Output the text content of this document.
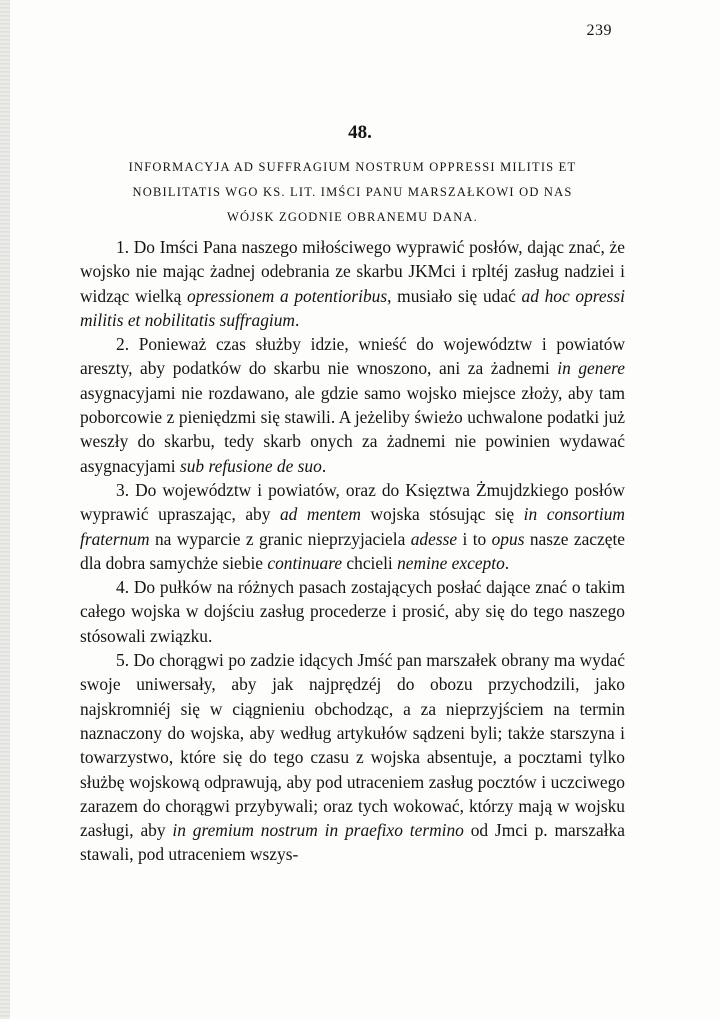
239
48.
INFORMACYJA AD SUFFRAGIUM NOSTRUM OPPRESSI MILITIS ET
NOBILITATIS WGO KS. LIT. IMŚCI PANU MARSZAŁKOWI OD NAS
WÓJSK ZGODNIE OBRANEMU DANA.

1. Do Imści Pana naszego miłościwego wyprawić posłów, dając znać, że wojsko nie mając żadnej odebrania ze skarbu JKMci i rpltéj zasług nadziei i widząc wielką opressionem a potentioribus, musiało się udać ad hoc opressi militis et nobilitatis suffragium.

2. Ponieważ czas służby idzie, wnieść do województw i powiatów areszty, aby podatków do skarbu nie wnoszono, ani za żadnemi in genere asygnacyjami nie rozdawano, ale gdzie samo wojsko miejsce złoży, aby tam poborcowie z pieniędzmi się stawili. A jeżeliby świeżo uchwalone podatki już weszły do skarbu, tedy skarb onych za żadnemi nie powinien wydawać asygnacyjami sub refusione de suo.

3. Do województw i powiatów, oraz do Księztwa Żmujdzkiego posłów wyprawić upraszając, aby ad mentem wojska stósując się in consortium fraternum na wyparcie z granic nieprzyjaciela adesse i to opus nasze zaczęte dla dobra samychże siebie continuare chcieli nemine excepto.

4. Do pułków na różnych pasach zostających posłać dające znać o takim całego wojska w dojściu zasług procederze i prosić, aby się do tego naszego stósowali związku.

5. Do chorągwi po zadzie idących Jmść pan marszałek obrany ma wydać swoje uniwersały, aby jak najprędzéj do obozu przychodzili, jako najskromniéj się w ciągnieniu obchodząc, a za nieprzyjściem na termin naznaczony do wojska, aby według artykułów sądzeni byli; także starszyna i towarzystwo, które się do tego czasu z wojska absentuje, a pocztami tylko służbę wojskową odprawują, aby pod utraceniem zasług pocztów i uczciwego zarazem do chorągwi przybywali; oraz tych wokować, którzy mają w wojsku zasługi, aby in gremium nostrum in praefixo termino od Jmci p. marszałka stawali, pod utraceniem wszys-
